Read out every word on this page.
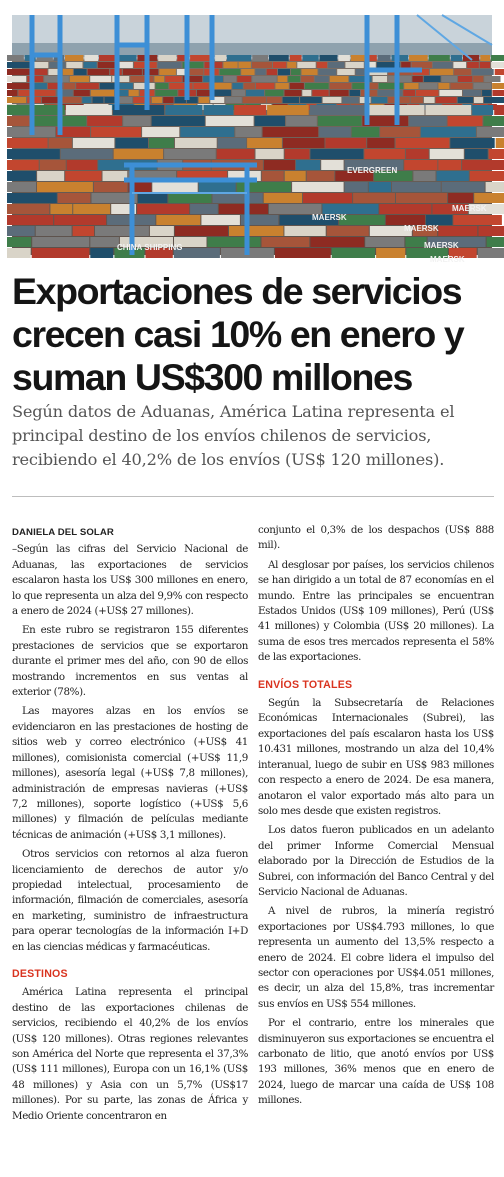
EVERGREEN
CHINA SHIPPING
MAERSK
MAERSK
MAERSK
MAERSK
MAERSK
Exportaciones de servicios crecen casi 10% en enero y suman US$300 millones

Según datos de Aduanas, América Latina representa el principal destino de los envíos chilenos de servicios, recibiendo el 40,2% de los envíos (US$ 120 millones).

DANIELA DEL SOLAR

–Según las cifras del Servicio Nacional de Aduanas, las exportaciones de servicios escalaron hasta los US$ 300 millones en enero, lo que representa un alza del 9,9% con respecto a enero de 2024 (+US$ 27 millones).

En este rubro se registraron 155 diferentes prestaciones de servicios que se exportaron durante el primer mes del año, con 90 de ellos mostrando incrementos en sus ventas al exterior (78%).

Las mayores alzas en los envíos se evidenciaron en las prestaciones de hosting de sitios web y correo electrónico (+US$ 41 millones), comisionista comercial (+US$ 11,9 millones), asesoría legal (+US$ 7,8 millones), administración de empresas navieras (+US$ 7,2 millones), soporte logístico (+US$ 5,6 millones) y filmación de películas mediante técnicas de animación (+US$ 3,1 millones).

Otros servicios con retornos al alza fueron licenciamiento de derechos de autor y/o propiedad intelectual, procesamiento de información, filmación de comerciales, asesoría en marketing, suministro de infraestructura para operar tecnologías de la información I+D en las ciencias médicas y farmacéuticas.

DESTINOS

América Latina representa el principal destino de las exportaciones chilenas de servicios, recibiendo el 40,2% de los envíos (US$ 120 millones). Otras regiones relevantes son América del Norte que representa el 37,3% (US$ 111 millones), Europa con un 16,1% (US$ 48 millones) y Asia con un 5,7% (US$17 millones). Por su parte, las zonas de África y Medio Oriente concentraron en

conjunto el 0,3% de los despachos (US$ 888 mil).

Al desglosar por países, los servicios chilenos se han dirigido a un total de 87 economías en el mundo. Entre las principales se encuentran Estados Unidos (US$ 109 millones), Perú (US$ 41 millones) y Colombia (US$ 20 millones). La suma de esos tres mercados representa el 58% de las exportaciones.

ENVÍOS TOTALES

Según la Subsecretaría de Relaciones Económicas Internacionales (Subrei), las exportaciones del país escalaron hasta los US$ 10.431 millones, mostrando un alza del 10,4% interanual, luego de subir en US$ 983 millones con respecto a enero de 2024. De esa manera, anotaron el valor exportado más alto para un solo mes desde que existen registros.

Los datos fueron publicados en un adelanto del primer Informe Comercial Mensual elaborado por la Dirección de Estudios de la Subrei, con información del Banco Central y del Servicio Nacional de Aduanas.

A nivel de rubros, la minería registró exportaciones por US$4.793 millones, lo que representa un aumento del 13,5% respecto a enero de 2024. El cobre lidera el impulso del sector con operaciones por US$4.051 millones, es decir, un alza del 15,8%, tras incrementar sus envíos en US$ 554 millones.

Por el contrario, entre los minerales que disminuyeron sus exportaciones se encuentra el carbonato de litio, que anotó envíos por US$ 193 millones, 36% menos que en enero de 2024, luego de marcar una caída de US$ 108 millones.
